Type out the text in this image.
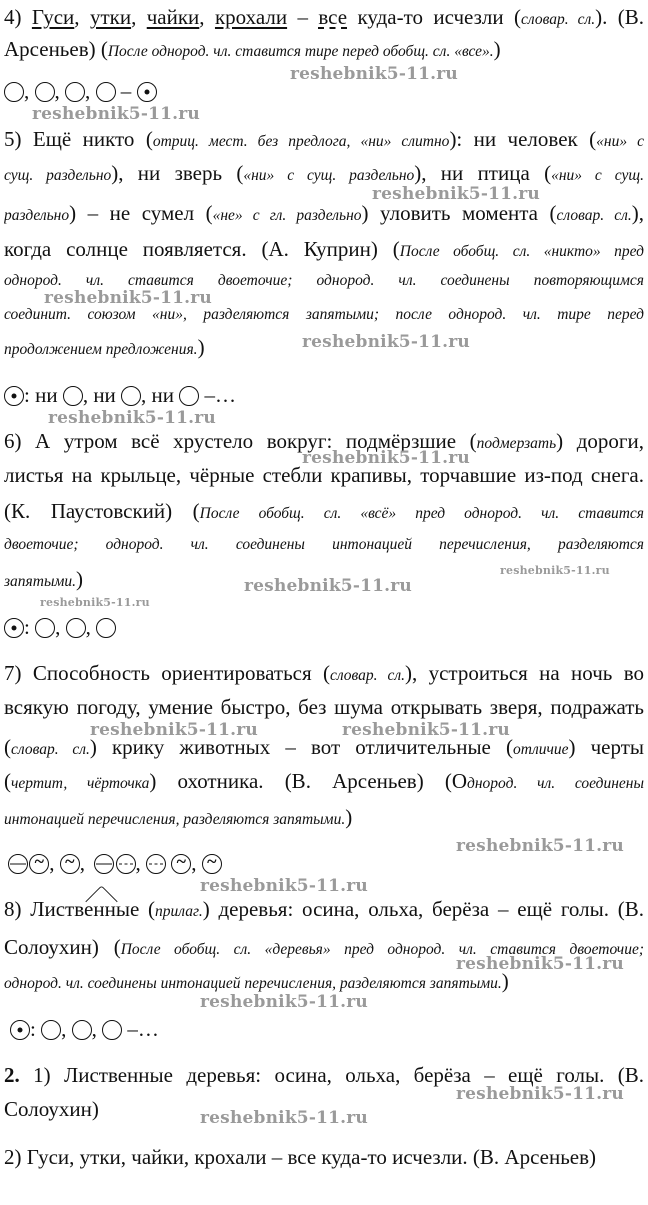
4) Гуси, утки, чайки, крохали – все куда-то исчезли (словар. сл.). (В.
Арсеньев) (После однород. чл. ставится тире перед обобщ. сл. «все».)
, , ,  –
5) Ещё никто (отриц. мест. без предлога, «ни» слитно): ни человек («ни» с
сущ. раздельно), ни зверь («ни» с сущ. раздельно), ни птица («ни» с сущ.
раздельно) – не сумел («не» с гл. раздельно) уловить момента (словар. сл.),
когда солнце появляется. (А. Куприн) (После обобщ. сл. «никто» пред
однород. чл. ставится двоеточие; однород. чл. соединены повторяющимся
соединит. союзом «ни», разделяются запятыми; после однород. чл. тире перед
продолжением предложения.)
: ни , ни , ни  –…
6) А утром всё хрустело вокруг: подмёрзшие (подмерзать) дороги,
листья на крыльце, чёрные стебли крапивы, торчавшие из-под снега.
(К. Паустовский) (После обобщ. сл. «всё» пред однород. чл. ставится
двоеточие; однород. чл. соединены интонацией перечисления, разделяются
запятыми.)
: , ,
7) Способность ориентироваться (словар. сл.), устроиться на ночь во
всякую погоду, умение быстро, без шума открывать зверя, подражать
(словар. сл.) крику животных – вот отличительные (отличие) черты
(чертит, чёрточка) охотника. (В. Арсеньев) (Однород. чл. соединены
интонацией перечисления, разделяются запятыми.)
~, ~,  ,  ~, ~
8) Лиственные (прилаг.) деревья: осина, ольха, берёза – ещё голы. (В.
Солоухин) (После обобщ. сл. «деревья» пред однород. чл. ставится двоеточие;
однород. чл. соединены интонацией перечисления, разделяются запятыми.)
: , ,  –…
2. 1) Лиственные деревья: осина, ольха, берёза – ещё голы. (В.
Солоухин)
2) Гуси, утки, чайки, крохали – все куда-то исчезли. (В. Арсеньев)
reshebnik5-11.ru
reshebnik5-11.ru
reshebnik5-11.ru
reshebnik5-11.ru
reshebnik5-11.ru
reshebnik5-11.ru
reshebnik5-11.ru
reshebnik5-11.ru
reshebnik5-11.ru
reshebnik5-11.ru
reshebnik5-11.ru	reshebnik5-11.ru
reshebnik5-11.ru
reshebnik5-11.ru
reshebnik5-11.ru
reshebnik5-11.ru
reshebnik5-11.ru
reshebnik5-11.ru
